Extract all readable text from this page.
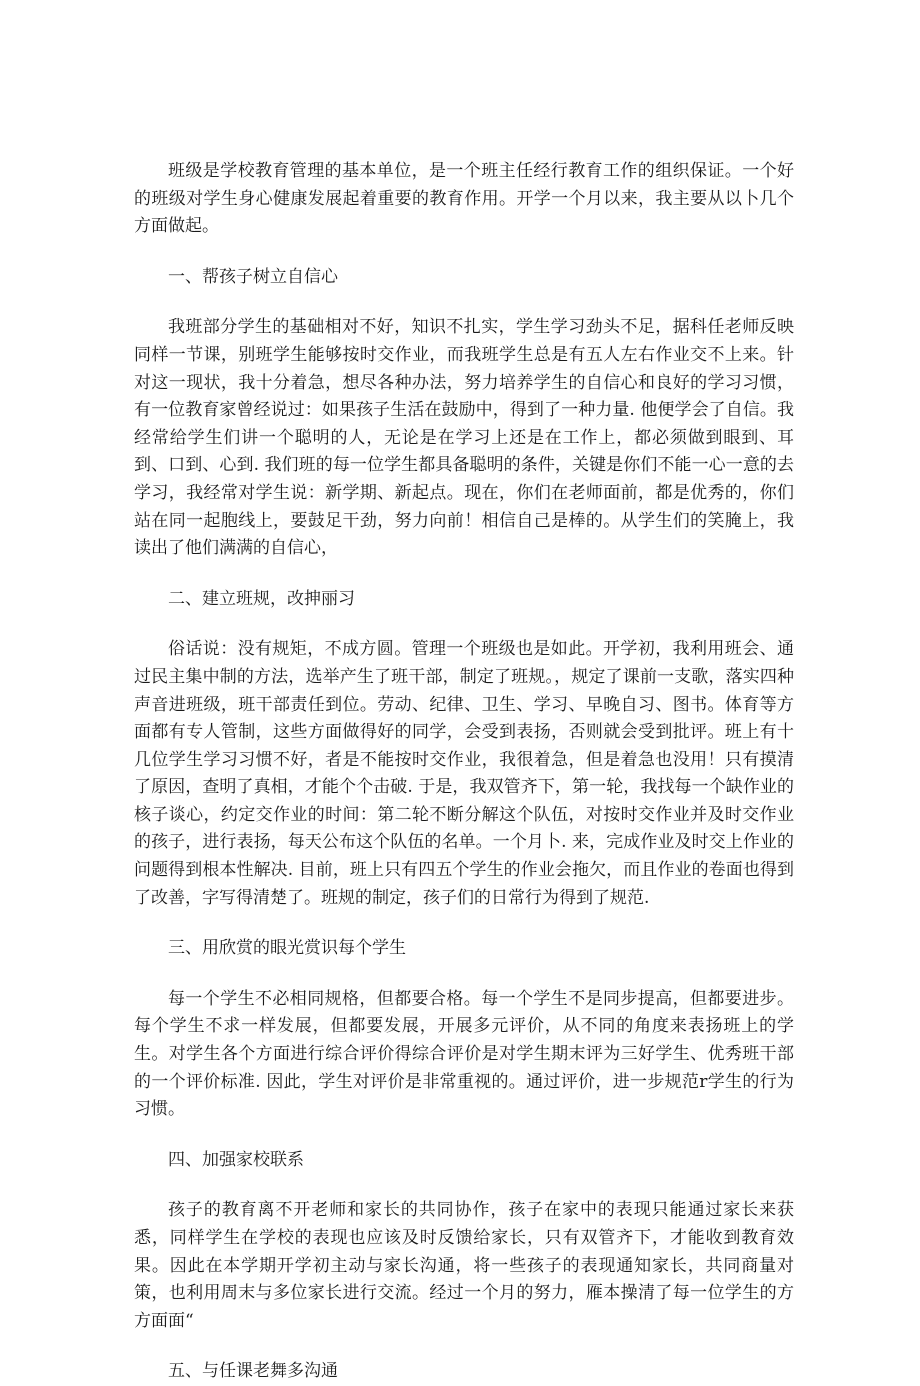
班级是学校教育管理的基本单位，是一个班主任经行教育工作的组织保证。一个好的班级对学生身心健康发展起着重要的教育作用。开学一个月以来，我主要从以卜几个方面做起。

一、帮孩子树立自信心

我班部分学生的基础相对不好，知识不扎实，学生学习劲头不足，据科任老师反映同样一节课，别班学生能够按时交作业，而我班学生总是有五人左右作业交不上来。针对这一现状，我十分着急，想尽各种办法，努力培养学生的自信心和良好的学习习惯，有一位教育家曾经说过：如果孩子生活在鼓励中，得到了一种力量. 他便学会了自信。我经常给学生们讲一个聪明的人，无论是在学习上还是在工作上，都必须做到眼到、耳到、口到、心到. 我们班的每一位学生都具备聪明的条件，关键是你们不能一心一意的去学习，我经常对学生说：新学期、新起点。现在，你们在老师面前，都是优秀的，你们站在同一起胞线上，要鼓足干劲，努力向前！相信自己是棒的。从学生们的笑腌上，我读出了他们满满的自信心，

二、建立班规，改抻丽习

俗话说：没有规矩，不成方圆。管理一个班级也是如此。开学初，我利用班会、通过民主集中制的方法，选举产生了班干部，制定了班规。，规定了课前一支歌，落实四种声音进班级，班干部责任到位。劳动、纪律、卫生、学习、早晚自习、图书。体育等方面都有专人管制，这些方面做得好的同学，会受到表扬，否则就会受到批评。班上有十几位学生学习习惯不好，者是不能按时交作业，我很着急，但是着急也没用！只有摸清了原因，查明了真相，才能个个击破. 于是，我双管齐下，第一轮，我找每一个缺作业的核子谈心，约定交作业的时间：第二轮不断分解这个队伍，对按时交作业并及时交作业的孩子，进行表扬，每天公布这个队伍的名单。一个月卜. 来，完成作业及时交上作业的问题得到根本性解决. 目前，班上只有四五个学生的作业会拖欠，而且作业的卷面也得到了改善，字写得清楚了。班规的制定，孩子们的日常行为得到了规范.

三、用欣赏的眼光赏识每个学生

每一个学生不必相同规格，但都要合格。每一个学生不是同步提高，但都要进步。每个学生不求一样发展，但都要发展，开展多元评价，从不同的角度来表扬班上的学生。对学生各个方面进行综合评价得综合评价是对学生期末评为三好学生、优秀班干部的一个评价标准. 因此，学生对评价是非常重视的。通过评价，进一步规范r学生的行为习惯。

四、加强家校联系

孩子的教育离不开老师和家长的共同协作，孩子在家中的表现只能通过家长来获悉，同样学生在学校的表现也应该及时反馈给家长，只有双管齐下，才能收到教育效果。因此在本学期开学初主动与家长沟通，将一些孩子的表现通知家长，共同商量对策，也利用周末与多位家长进行交流。经过一个月的努力，雁本操清了每一位学生的方方面面“

五、与任课老舞多沟通
